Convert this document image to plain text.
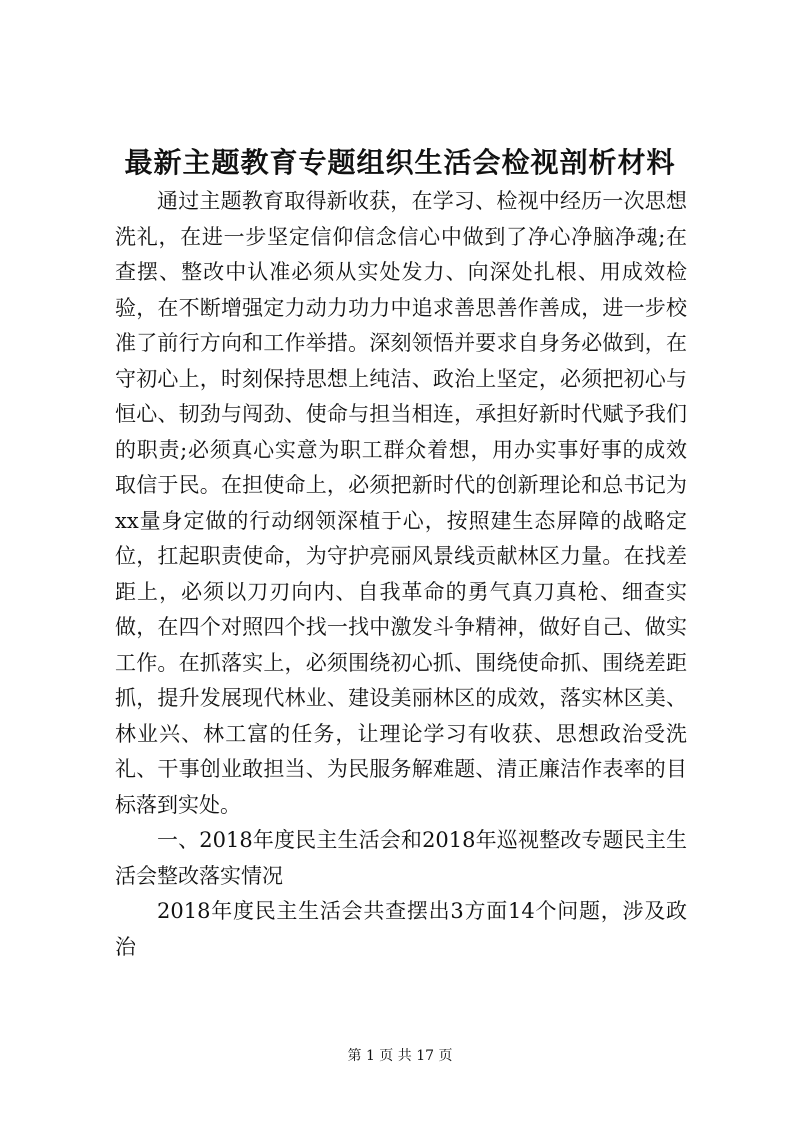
最新主题教育专题组织生活会检视剖析材料

通过主题教育取得新收获，在学习、检视中经历一次思想洗礼，在进一步坚定信仰信念信心中做到了净心净脑净魂;在查摆、整改中认准必须从实处发力、向深处扎根、用成效检验，在不断增强定力动力功力中追求善思善作善成，进一步校准了前行方向和工作举措。深刻领悟并要求自身务必做到，在守初心上，时刻保持思想上纯洁、政治上坚定，必须把初心与恒心、韧劲与闯劲、使命与担当相连，承担好新时代赋予我们的职责;必须真心实意为职工群众着想，用办实事好事的成效取信于民。在担使命上，必须把新时代的创新理论和总书记为xx量身定做的行动纲领深植于心，按照建生态屏障的战略定位，扛起职责使命，为守护亮丽风景线贡献林区力量。在找差距上，必须以刀刃向内、自我革命的勇气真刀真枪、细查实做，在四个对照四个找一找中激发斗争精神，做好自己、做实工作。在抓落实上，必须围绕初心抓、围绕使命抓、围绕差距抓，提升发展现代林业、建设美丽林区的成效，落实林区美、林业兴、林工富的任务，让理论学习有收获、思想政治受洗礼、干事创业敢担当、为民服务解难题、清正廉洁作表率的目标落到实处。

一、2018年度民主生活会和2018年巡视整改专题民主生活会整改落实情况

2018年度民主生活会共查摆出3方面14个问题，涉及政治

第 1 页 共 17 页
